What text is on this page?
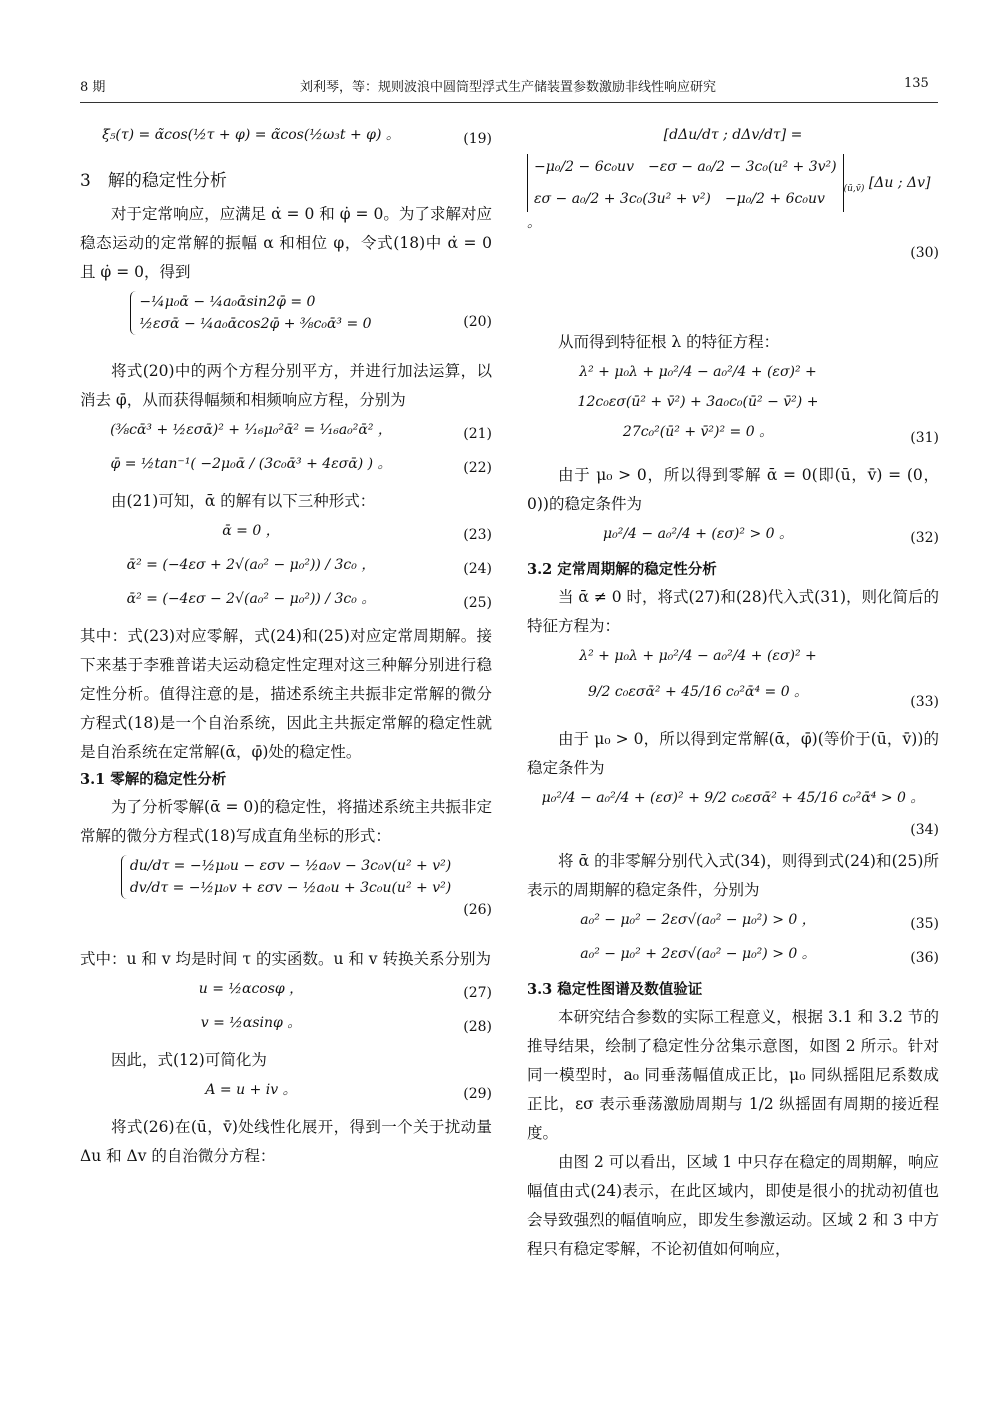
8 期	刘利琴，等：规则波浪中圆筒型浮式生产储装置参数激励非线性响应研究	135
ξ₅(τ) = α̃cos(½τ + φ) = α̃cos(½ω₃t + φ) 。	(19)
3　解的稳定性分析

对于定常响应，应满足 α̇ = 0 和 φ̇ = 0。为了求解对应稳态运动的定常解的振幅 α 和相位 φ，令式(18)中 α̇ = 0 且 φ̇ = 0，得到

−¼μ₀ᾱ − ¼a₀ᾱsin2φ̄ = 0
½εσᾱ − ¼a₀ᾱcos2φ̄ + ⅜c₀ᾱ³ = 0	(20)

将式(20)中的两个方程分别平方，并进行加法运算，以消去 φ̄，从而获得幅频和相频响应方程，分别为

(⅜cᾱ³ + ½εσᾱ)² + ¹⁄₁₆μ₀²ᾱ² = ¹⁄₁₆a₀²ᾱ² ，	(21)
φ̄ = ½tan⁻¹( −2μ₀ᾱ / (3c₀ᾱ³ + 4εσᾱ) ) 。	(22)

由(21)可知，ᾱ 的解有以下三种形式：

ᾱ = 0 ，	(23)
ᾱ² = (−4εσ + 2√(a₀² − μ₀²)) / 3c₀ ，	(24)
ᾱ² = (−4εσ − 2√(a₀² − μ₀²)) / 3c₀ 。	(25)

其中：式(23)对应零解，式(24)和(25)对应定常周期解。接下来基于李雅普诺夫运动稳定性定理对这三种解分别进行稳定性分析。值得注意的是，描述系统主共振非定常解的微分方程式(18)是一个自治系统，因此主共振定常解的稳定性就是自治系统在定常解(ᾱ，φ̄)处的稳定性。

3.1 零解的稳定性分析

为了分析零解(ᾱ = 0)的稳定性，将描述系统主共振非定常解的微分方程式(18)写成直角坐标的形式：

du/dτ = −½μ₀u − εσv − ½a₀v − 3c₀v(u² + v²)
dv/dτ = −½μ₀v + εσv − ½a₀u + 3c₀u(u² + v²)
(26)

式中：u 和 v 均是时间 τ 的实函数。u 和 v 转换关系分别为

u = ½αcosφ ，	(27)
v = ½αsinφ 。	(28)

因此，式(12)可简化为

A = u + iv 。	(29)

将式(26)在(ū，v̄)处线性化展开，得到一个关于扰动量 Δu 和 Δv 的自治微分方程：

[dΔu/dτ ; dΔv/dτ] =
−μ₀/2 − 6c₀uv　 −εσ − a₀/2 − 3c₀(u² + 3v²)
εσ − a₀/2 + 3c₀(3u² + v²)　 −μ₀/2 + 6c₀uv
$_{(ū,v̄)}$ [Δu ; Δv] 。
(30)

从而得到特征根 λ 的特征方程：

λ² + μ₀λ + μ₀²/4 − a₀²/4 + (εσ)² +
12c₀εσ(ū² + v̄²) + 3a₀c₀(ū² − v̄²) +
27c₀²(ū² + v̄²)² = 0 。	(31)

由于 μ₀ > 0，所以得到零解 ᾱ = 0(即(ū，v̄) = (0，0))的稳定条件为

μ₀²/4 − a₀²/4 + (εσ)² > 0 。	(32)
3.2 定常周期解的稳定性分析

当 ᾱ ≠ 0 时，将式(27)和(28)代入式(31)，则化简后的特征方程为：

λ² + μ₀λ + μ₀²/4 − a₀²/4 + (εσ)² +
9/2 c₀εσᾱ² + 45/16 c₀²ᾱ⁴ = 0 。
(33)

由于 μ₀ > 0，所以得到定常解(ᾱ，φ̄)(等价于(ū，v̄))的稳定条件为

μ₀²/4 − a₀²/4 + (εσ)² + 9/2 c₀εσᾱ² + 45/16 c₀²ᾱ⁴ > 0 。
(34)

将 ᾱ 的非零解分别代入式(34)，则得到式(24)和(25)所表示的周期解的稳定条件，分别为

a₀² − μ₀² − 2εσ√(a₀² − μ₀²) > 0 ，	(35)
a₀² − μ₀² + 2εσ√(a₀² − μ₀²) > 0 。	(36)
3.3 稳定性图谱及数值验证

本研究结合参数的实际工程意义，根据 3.1 和 3.2 节的推导结果，绘制了稳定性分岔集示意图，如图 2 所示。针对同一模型时，a₀ 同垂荡幅值成正比，μ₀ 同纵摇阻尼系数成正比，εσ 表示垂荡激励周期与 1/2 纵摇固有周期的接近程度。

由图 2 可以看出，区域 1 中只存在稳定的周期解，响应幅值由式(24)表示，在此区域内，即使是很小的扰动初值也会导致强烈的幅值响应，即发生参激运动。区域 2 和 3 中方程只有稳定零解，不论初值如何响应，
